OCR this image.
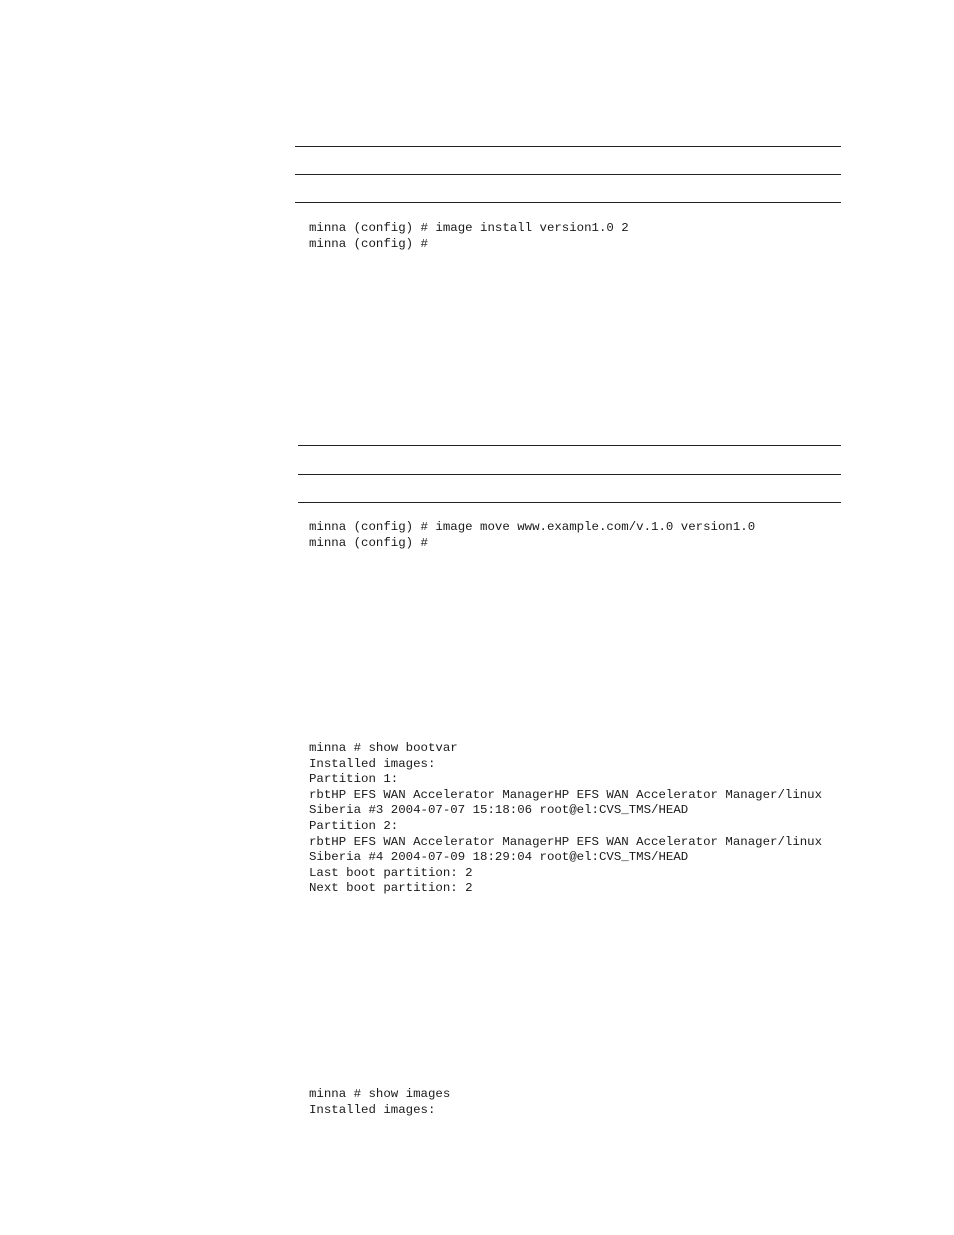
minna (config) # image install version1.0 2
minna (config) #
minna (config) # image move www.example.com/v.1.0 version1.0
minna (config) #
minna # show bootvar
Installed images:
Partition 1:
rbtHP EFS WAN Accelerator ManagerHP EFS WAN Accelerator Manager/linux
Siberia #3 2004-07-07 15:18:06 root@el:CVS_TMS/HEAD
Partition 2:
rbtHP EFS WAN Accelerator ManagerHP EFS WAN Accelerator Manager/linux
Siberia #4 2004-07-09 18:29:04 root@el:CVS_TMS/HEAD
Last boot partition: 2
Next boot partition: 2
minna # show images
Installed images:
